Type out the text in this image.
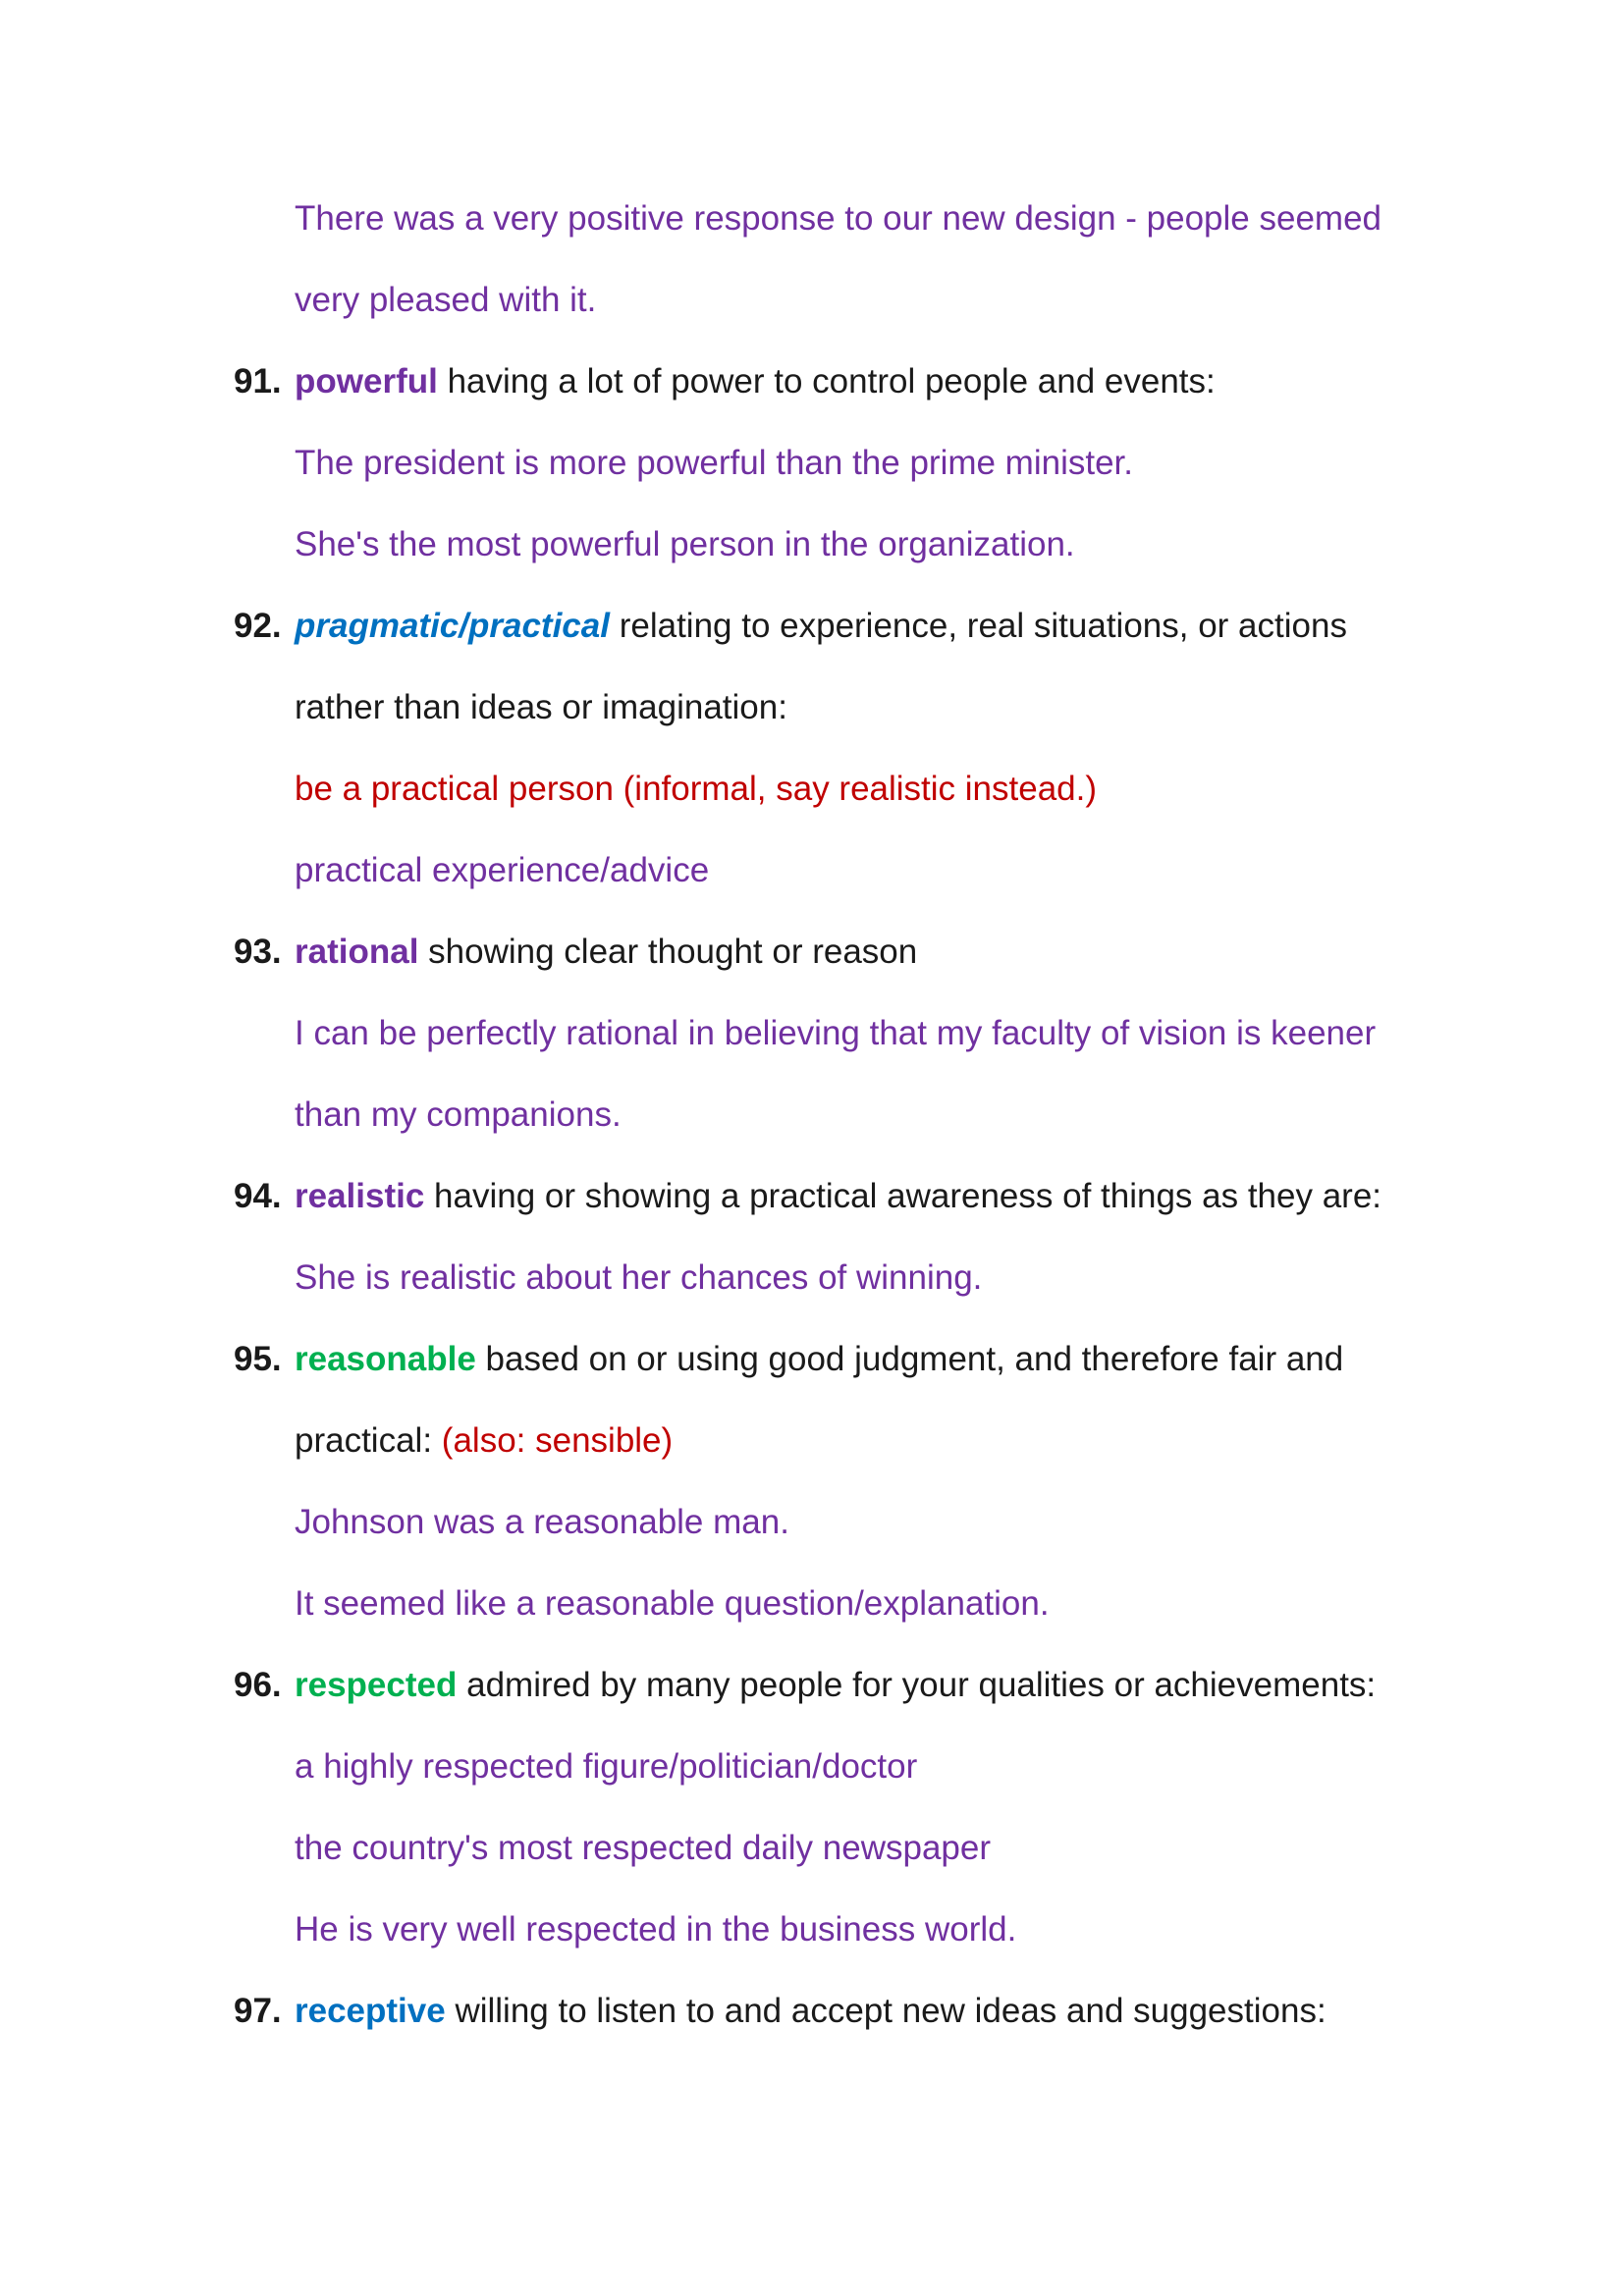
There was a very positive response to our new design - people seemed
very pleased with it.
91. powerful having a lot of power to control people and events:
The president is more powerful than the prime minister.
She's the most powerful person in the organization.
92. pragmatic/practical relating to experience, real situations, or actions
rather than ideas or imagination:
be a practical person (informal, say realistic instead.)
practical experience/advice
93. rational showing clear thought or reason
I can be perfectly rational in believing that my faculty of vision is keener
than my companions.
94. realistic having or showing a practical awareness of things as they are:
She is realistic about her chances of winning.
95. reasonable based on or using good judgment, and therefore fair and
practical: (also: sensible)
Johnson was a reasonable man.
It seemed like a reasonable question/explanation.
96. respected admired by many people for your qualities or achievements:
a highly respected figure/politician/doctor
the country's most respected daily newspaper
He is very well respected in the business world.
97. receptive willing to listen to and accept new ideas and suggestions:
